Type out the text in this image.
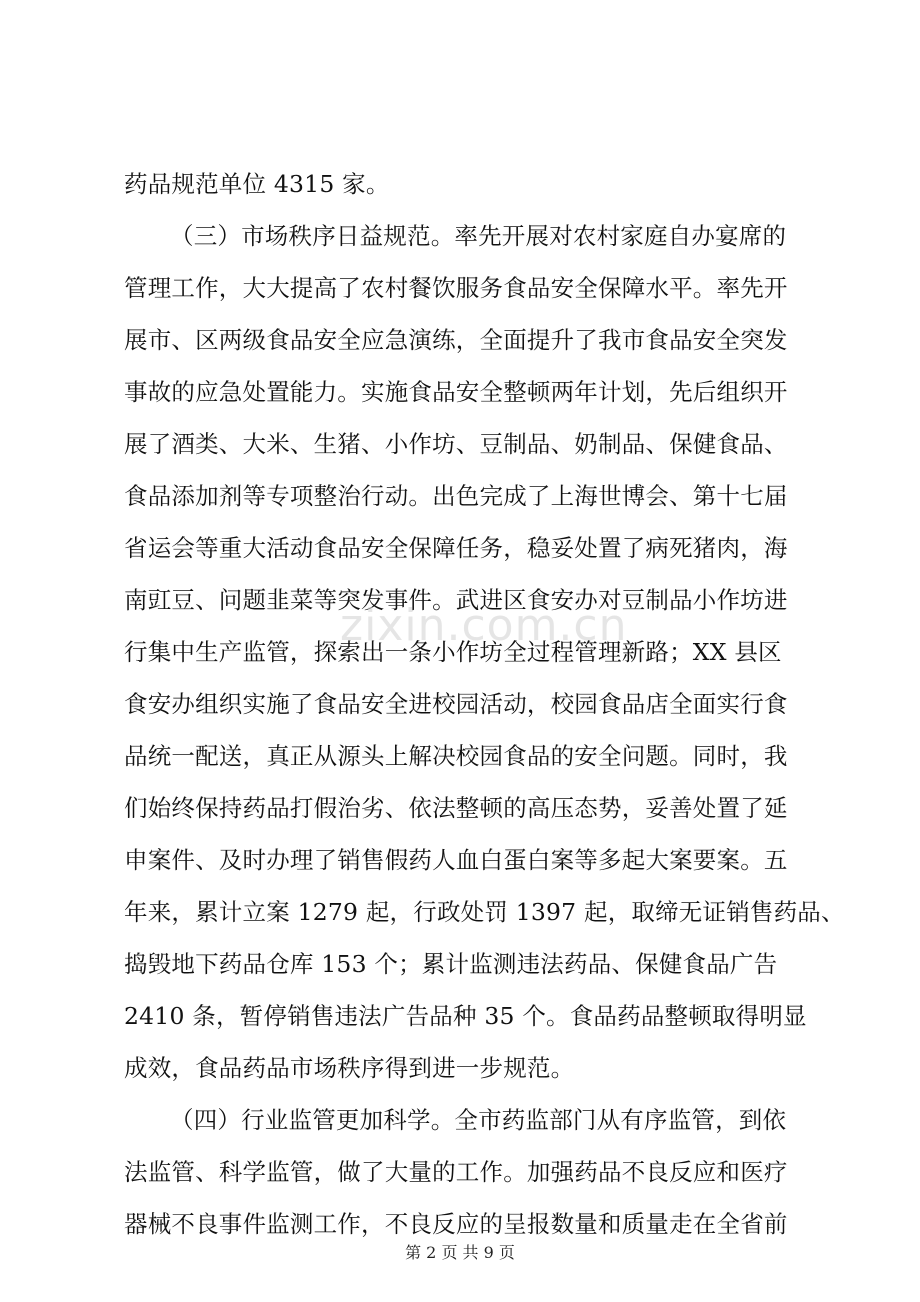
药品规范单位 4315 家。
（三）市场秩序日益规范。率先开展对农村家庭自办宴席的
管理工作，大大提高了农村餐饮服务食品安全保障水平。率先开
展市、区两级食品安全应急演练，全面提升了我市食品安全突发
事故的应急处置能力。实施食品安全整顿两年计划，先后组织开
展了酒类、大米、生猪、小作坊、豆制品、奶制品、保健食品、
食品添加剂等专项整治行动。出色完成了上海世博会、第十七届
省运会等重大活动食品安全保障任务，稳妥处置了病死猪肉，海
南豇豆、问题韭菜等突发事件。武进区食安办对豆制品小作坊进
行集中生产监管，探索出一条小作坊全过程管理新路；XX 县区
食安办组织实施了食品安全进校园活动，校园食品店全面实行食
品统一配送，真正从源头上解决校园食品的安全问题。同时，我
们始终保持药品打假治劣、依法整顿的高压态势，妥善处置了延
申案件、及时办理了销售假药人血白蛋白案等多起大案要案。五
年来，累计立案 1279 起，行政处罚 1397 起，取缔无证销售药品、
捣毁地下药品仓库 153 个；累计监测违法药品、保健食品广告
2410 条，暂停销售违法广告品种 35 个。食品药品整顿取得明显
成效，食品药品市场秩序得到进一步规范。
（四）行业监管更加科学。全市药监部门从有序监管，到依
法监管、科学监管，做了大量的工作。加强药品不良反应和医疗
器械不良事件监测工作，不良反应的呈报数量和质量走在全省前
zixin.com.cn
第 2 页 共 9 页
